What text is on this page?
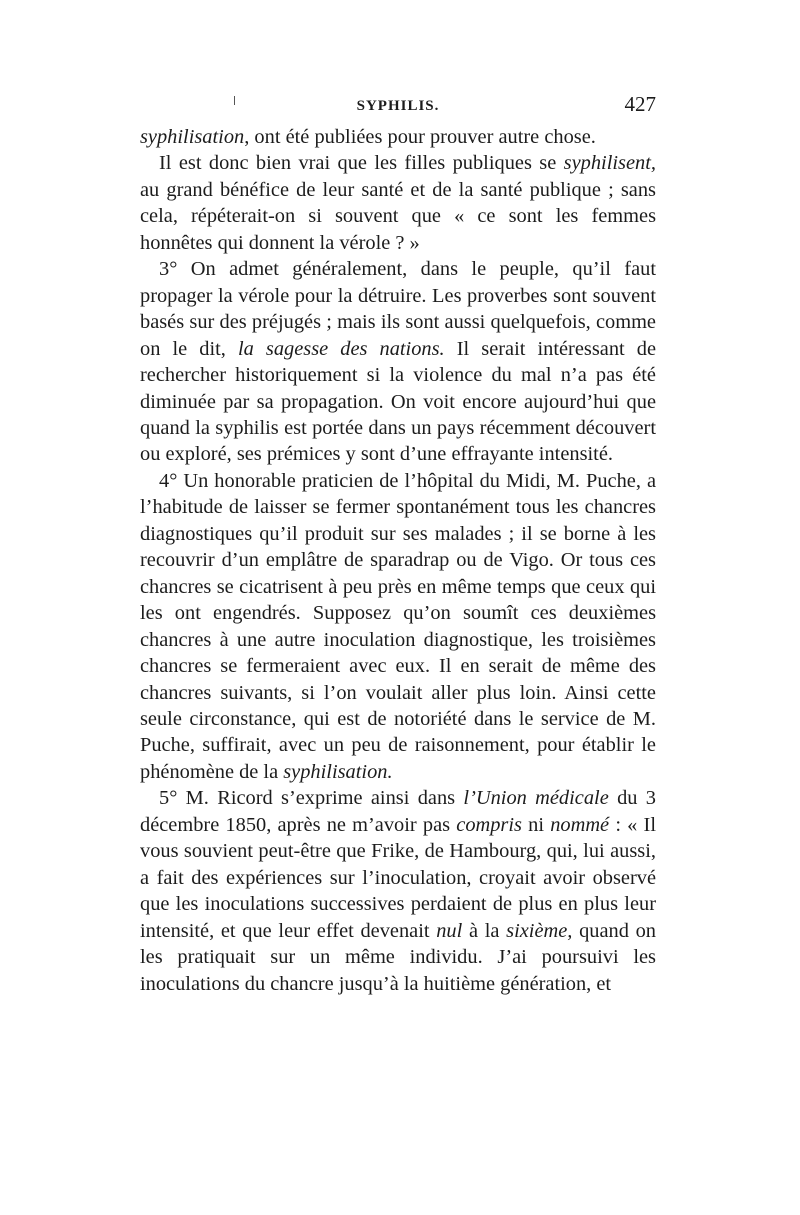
SYPHILIS.	427

syphilisation, ont été publiées pour prouver autre chose.

Il est donc bien vrai que les filles publiques se syphilisent, au grand bénéfice de leur santé et de la santé publique ; sans cela, répéterait-on si souvent que « ce sont les femmes honnêtes qui donnent la vérole ? »

3° On admet généralement, dans le peuple, qu’il faut propager la vérole pour la détruire. Les proverbes sont souvent basés sur des préjugés ; mais ils sont aussi quelquefois, comme on le dit, la sagesse des nations. Il serait intéressant de rechercher historiquement si la violence du mal n’a pas été diminuée par sa propagation. On voit encore aujourd’hui que quand la syphilis est portée dans un pays récemment découvert ou exploré, ses prémices y sont d’une effrayante intensité.

4° Un honorable praticien de l’hôpital du Midi, M. Puche, a l’habitude de laisser se fermer spontanément tous les chancres diagnostiques qu’il produit sur ses malades ; il se borne à les recouvrir d’un emplâtre de sparadrap ou de Vigo. Or tous ces chancres se cicatrisent à peu près en même temps que ceux qui les ont engendrés. Supposez qu’on soumît ces deuxièmes chancres à une autre inoculation diagnostique, les troisièmes chancres se fermeraient avec eux. Il en serait de même des chancres suivants, si l’on voulait aller plus loin. Ainsi cette seule circonstance, qui est de notoriété dans le service de M. Puche, suffirait, avec un peu de raisonnement, pour établir le phénomène de la syphilisation.

5° M. Ricord s’exprime ainsi dans l’Union médicale du 3 décembre 1850, après ne m’avoir pas compris ni nommé : « Il vous souvient peut-être que Frike, de Hambourg, qui, lui aussi, a fait des expériences sur l’inoculation, croyait avoir observé que les inoculations successives perdaient de plus en plus leur intensité, et que leur effet devenait nul à la sixième, quand on les pratiquait sur un même individu. J’ai poursuivi les inoculations du chancre jusqu’à la huitième génération, et
